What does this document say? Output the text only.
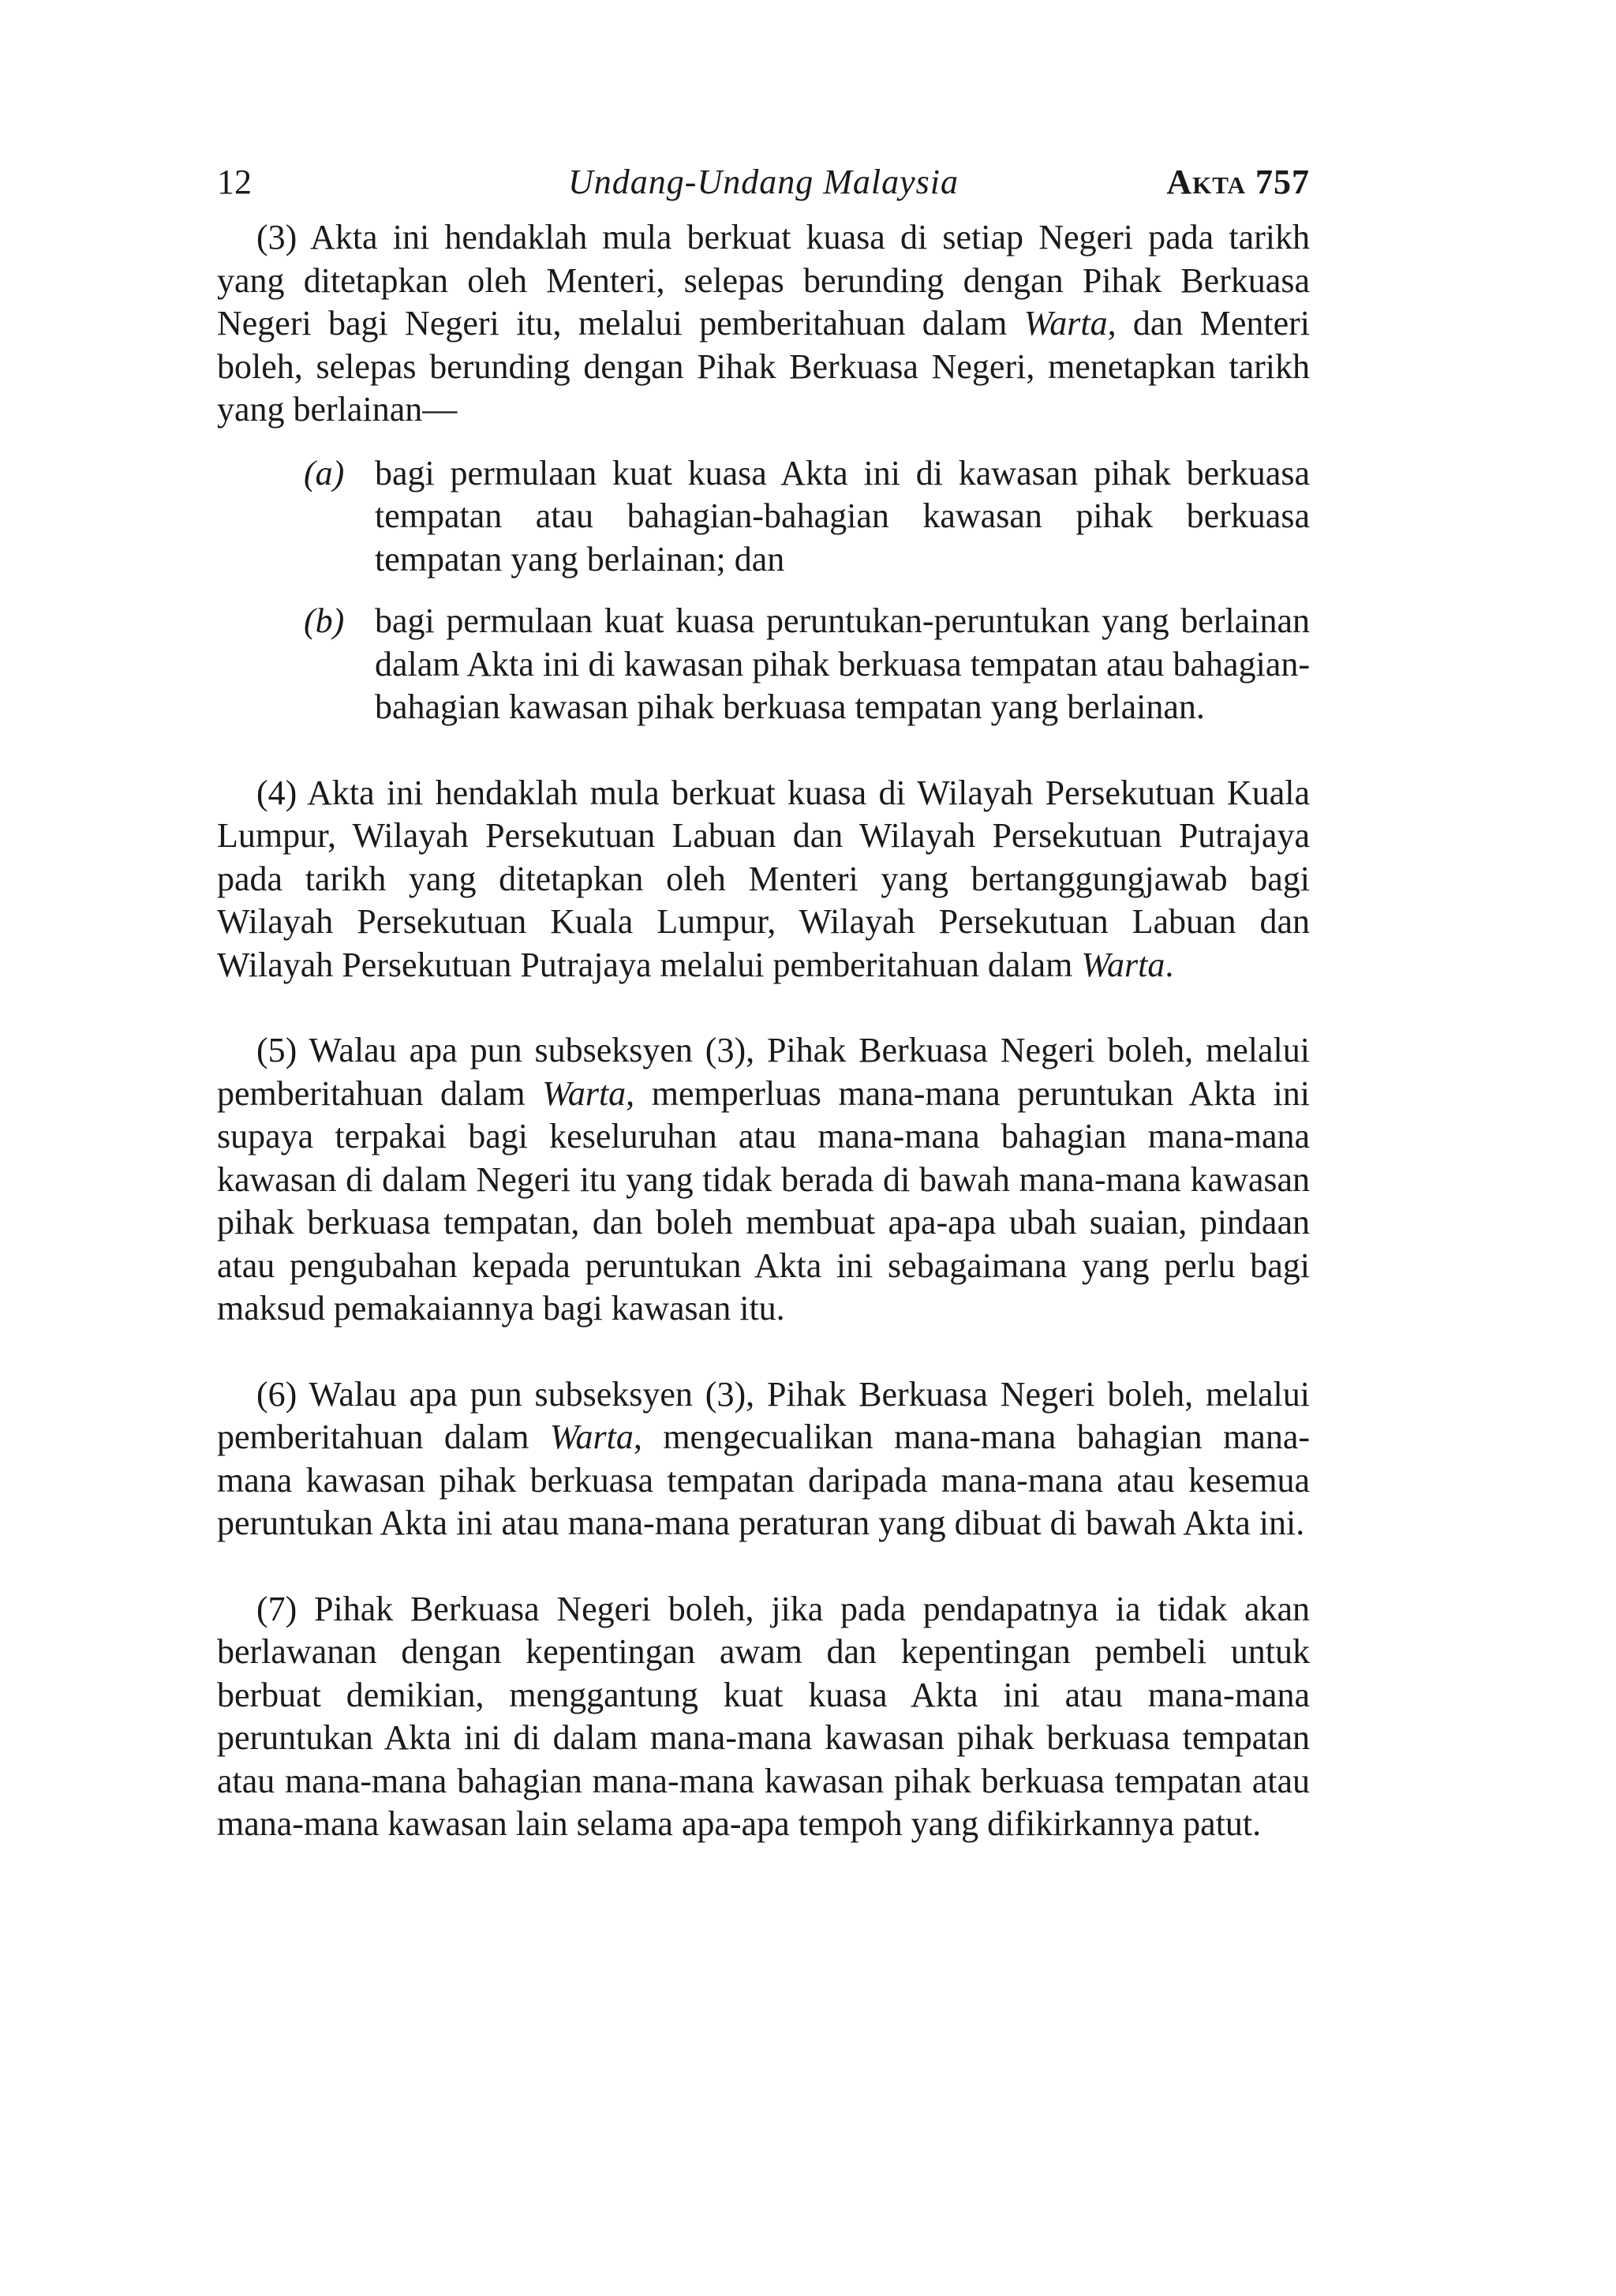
12	Undang-Undang Malaysia	Akta 757

(3) Akta ini hendaklah mula berkuat kuasa di setiap Negeri pada tarikh yang ditetapkan oleh Menteri, selepas berunding dengan Pihak Berkuasa Negeri bagi Negeri itu, melalui pemberitahuan dalam Warta, dan Menteri boleh, selepas berunding dengan Pihak Berkuasa Negeri, menetapkan tarikh yang berlainan—

(a) bagi permulaan kuat kuasa Akta ini di kawasan pihak berkuasa tempatan atau bahagian-bahagian kawasan pihak berkuasa tempatan yang berlainan; dan
(b) bagi permulaan kuat kuasa peruntukan-peruntukan yang berlainan dalam Akta ini di kawasan pihak berkuasa tempatan atau bahagian-bahagian kawasan pihak berkuasa tempatan yang berlainan.

(4) Akta ini hendaklah mula berkuat kuasa di Wilayah Persekutuan Kuala Lumpur, Wilayah Persekutuan Labuan dan Wilayah Persekutuan Putrajaya pada tarikh yang ditetapkan oleh Menteri yang bertanggungjawab bagi Wilayah Persekutuan Kuala Lumpur, Wilayah Persekutuan Labuan dan Wilayah Persekutuan Putrajaya melalui pemberitahuan dalam Warta.

(5) Walau apa pun subseksyen (3), Pihak Berkuasa Negeri boleh, melalui pemberitahuan dalam Warta, memperluas mana-mana peruntukan Akta ini supaya terpakai bagi keseluruhan atau mana-mana bahagian mana-mana kawasan di dalam Negeri itu yang tidak berada di bawah mana-mana kawasan pihak berkuasa tempatan, dan boleh membuat apa-apa ubah suaian, pindaan atau pengubahan kepada peruntukan Akta ini sebagaimana yang perlu bagi maksud pemakaiannya bagi kawasan itu.

(6) Walau apa pun subseksyen (3), Pihak Berkuasa Negeri boleh, melalui pemberitahuan dalam Warta, mengecualikan mana-mana bahagian mana-mana kawasan pihak berkuasa tempatan daripada mana-mana atau kesemua peruntukan Akta ini atau mana-mana peraturan yang dibuat di bawah Akta ini.

(7) Pihak Berkuasa Negeri boleh, jika pada pendapatnya ia tidak akan berlawanan dengan kepentingan awam dan kepentingan pembeli untuk berbuat demikian, menggantung kuat kuasa Akta ini atau mana-mana peruntukan Akta ini di dalam mana-mana kawasan pihak berkuasa tempatan atau mana-mana bahagian mana-mana kawasan pihak berkuasa tempatan atau mana-mana kawasan lain selama apa-apa tempoh yang difikirkannya patut.
